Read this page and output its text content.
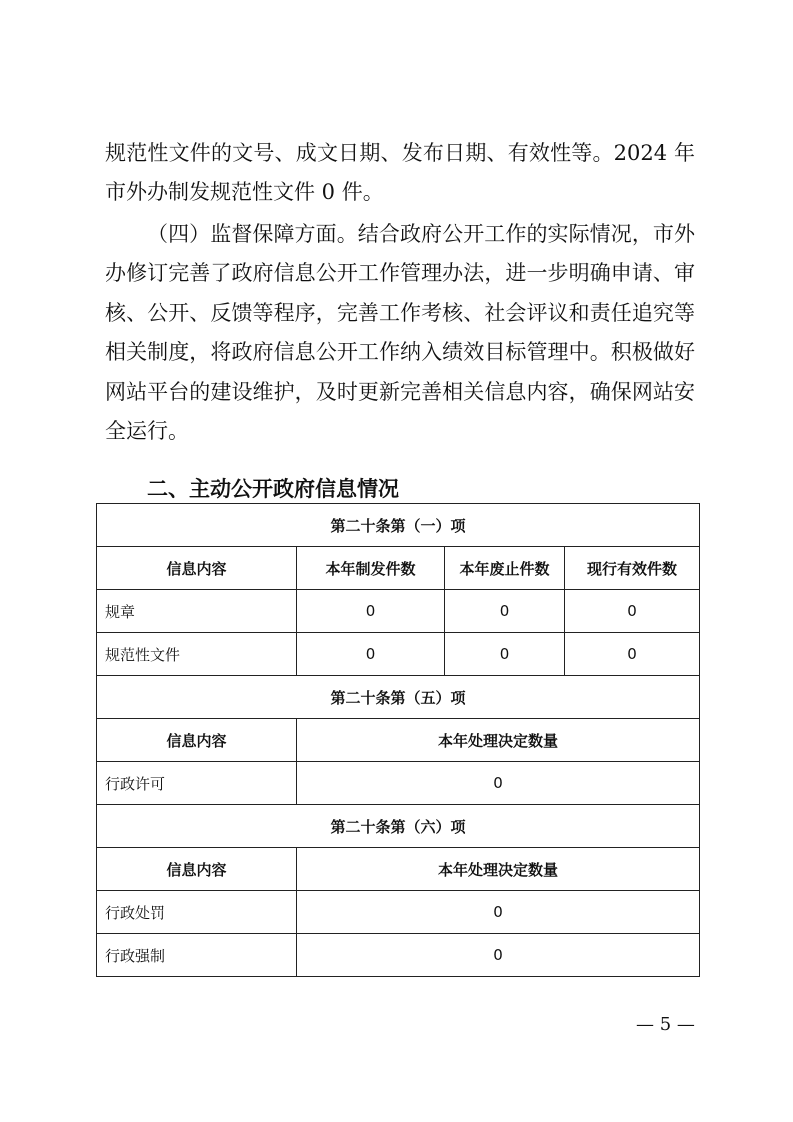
规范性文件的文号、成文日期、发布日期、有效性等。2024 年市外办制发规范性文件 0 件。

（四）监督保障方面。结合政府公开工作的实际情况，市外办修订完善了政府信息公开工作管理办法，进一步明确申请、审核、公开、反馈等程序，完善工作考核、社会评议和责任追究等相关制度，将政府信息公开工作纳入绩效目标管理中。积极做好网站平台的建设维护，及时更新完善相关信息内容，确保网站安全运行。

二、主动公开政府信息情况
第二十条第（一）项			
信息内容	本年制发件数	本年废止件数	现行有效件数
规章	0	0	0
规范性文件	0	0	0
第二十条第（五）项			
信息内容	本年处理决定数量		
行政许可	0		
第二十条第（六）项			
信息内容	本年处理决定数量		
行政处罚	0		
行政强制	0		

— 5 —
